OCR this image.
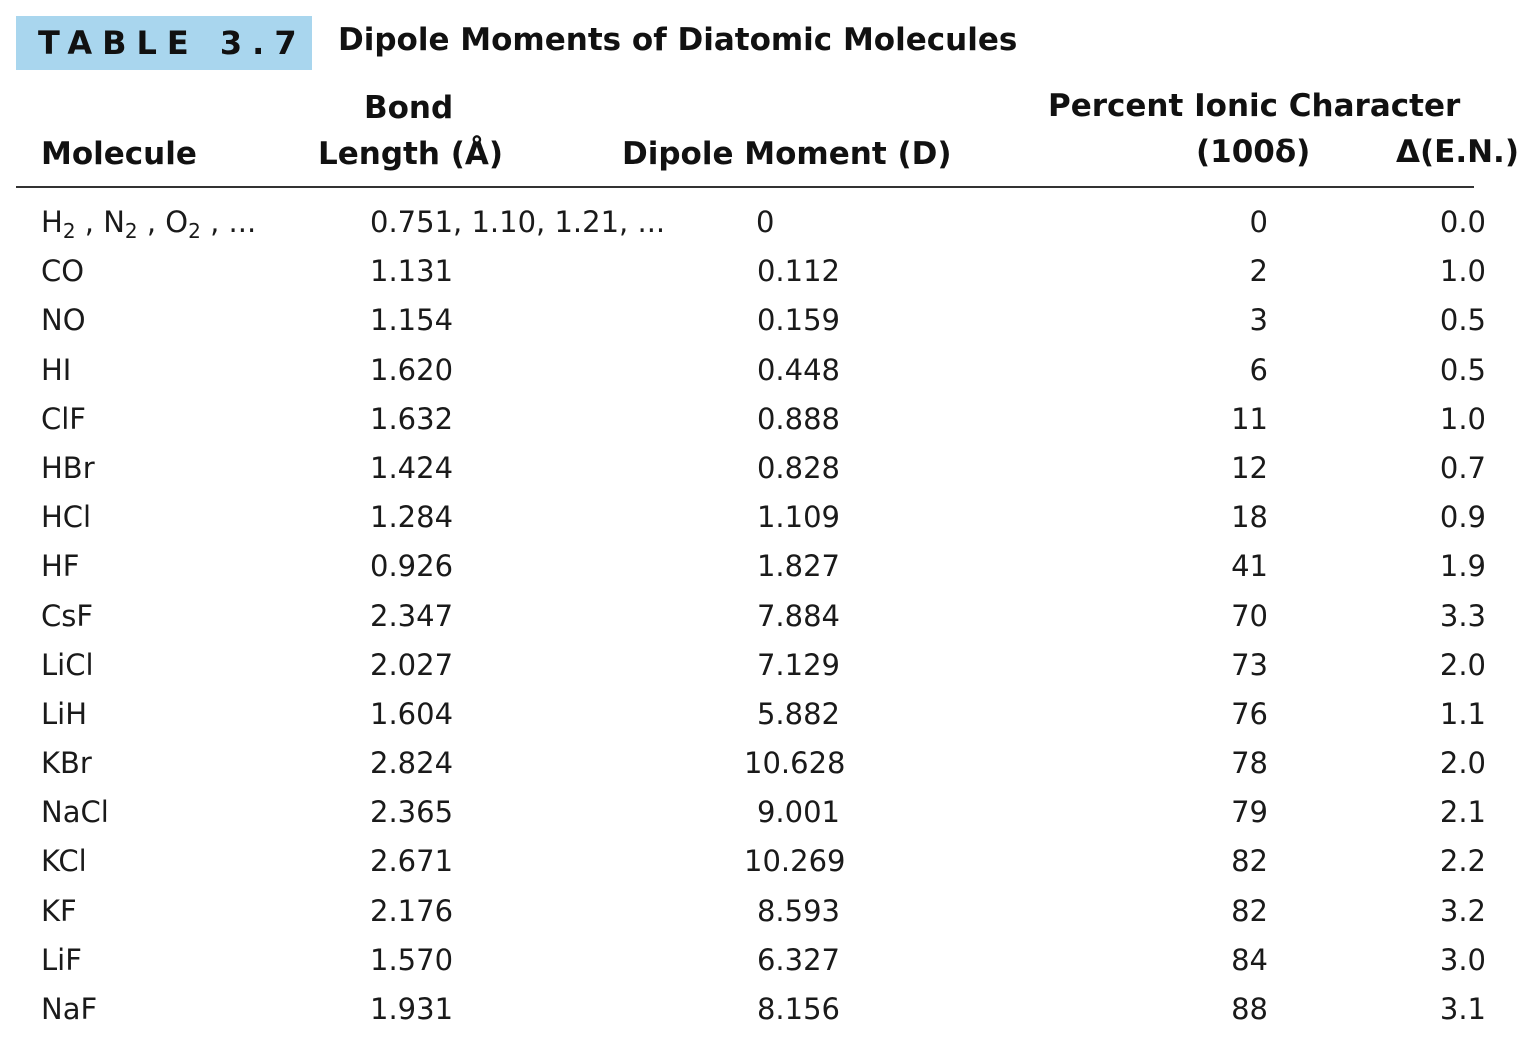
TABLE 3.7 Dipole Moments of Diatomic Molecules
Bond
Molecule	Length (Å)	Dipole Moment (D)
Percent Ionic Character
(100δ)	Δ(E.N.)
$H_2$ , $N_2$ , $O_2$ , ...	0.751, 1.10, 1.21, ...	0	0	0.0
CO	1.131	0.112	2	1.0
NO	1.154	0.159	3	0.5
HI	1.620	0.448	6	0.5
ClF	1.632	0.888	11	1.0
HBr	1.424	0.828	12	0.7
HCl	1.284	1.109	18	0.9
HF	0.926	1.827	41	1.9
CsF	2.347	7.884	70	3.3
LiCl	2.027	7.129	73	2.0
LiH	1.604	5.882	76	1.1
KBr	2.824	10.628	78	2.0
NaCl	2.365	9.001	79	2.1
KCl	2.671	10.269	82	2.2
KF	2.176	8.593	82	3.2
LiF	1.570	6.327	84	3.0
NaF	1.931	8.156	88	3.1
